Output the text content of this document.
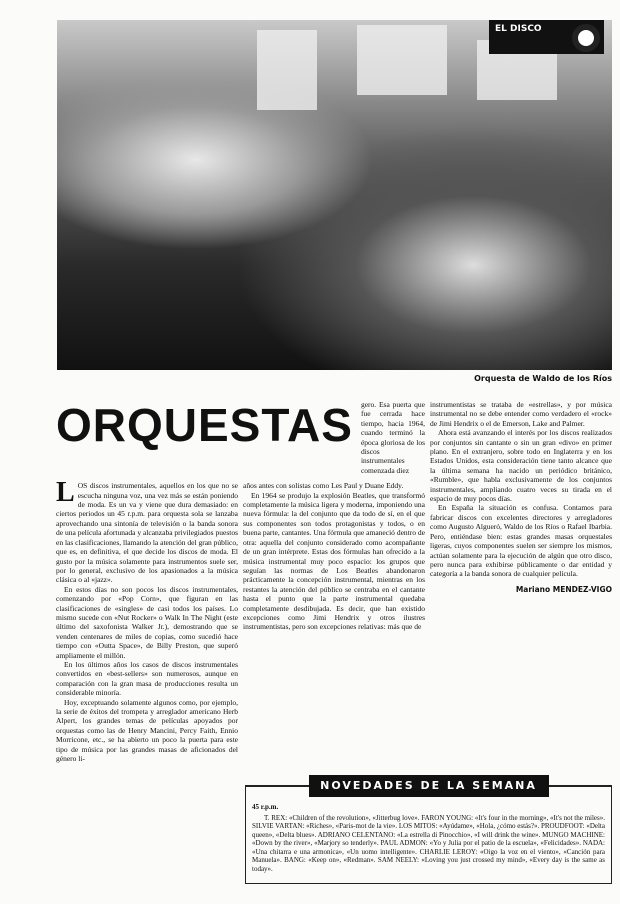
EL DISCO
Orquesta de Waldo de los Ríos
ORQUESTAS gero. Esa puerta que fue cerrada hace tiempo, hacia 1964, cuando terminó la época gloriosa de los discos instrumentales comenzada diez

LOS discos instrumentales, aquellos en los que no se escucha ninguna voz, una vez más se están poniendo de moda. Es un va y viene que dura demasiado: en ciertos periodos un 45 r.p.m. para orquesta sola se lanzaba aprovechando una sintonía de televisión o la banda sonora de una película afortunada y alcanzaba privilegiados puestos en las clasificaciones, llamando la atención del gran público, que es, en definitiva, el que decide los discos de moda. El gusto por la música solamente para instrumentos suele ser, por lo general, exclusivo de los apasionados a la música clásica o al «jazz».

En estos días no son pocos los discos instrumentales, comenzando por «Pop Corn», que figuran en las clasificaciones de «singles» de casi todos los países. Lo mismo sucede con «Nut Rocker» o Walk In The Night (este último del saxofonista Walker Jr.), demostrando que se venden centenares de miles de copias, como sucedió hace tiempo con «Outta Space», de Billy Preston, que superó ampliamente el millón.

En los últimos años los casos de discos instrumentales convertidos en «best-sellers» son numerosos, aunque en comparación con la gran masa de producciones resulta un considerable minoría.

Hoy, exceptuando solamente algunos como, por ejemplo, la serie de éxitos del trompeta y arreglador americano Herb Alpert, los grandes temas de películas apoyados por orquestas como las de Henry Mancini, Percy Faith, Ennio Morricone, etc., se ha abierto un poco la puerta para este tipo de música por las grandes masas de aficionados del género li-

años antes con solistas como Les Paul y Duane Eddy.

En 1964 se produjo la explosión Beatles, que transformó completamente la música ligera y moderna, imponiendo una nueva fórmula: la del conjunto que da todo de sí, en el que sus componentes son todos protagonistas y todos, o en buena parte, cantantes. Una fórmula que amaneció dentro de otra: aquella del conjunto considerado como acompañante de un gran intérprete. Estas dos fórmulas han ofrecido a la música instrumental muy poco espacio: los grupos que seguían las normas de Los Beatles abandonaron prácticamente la concepción instrumental, mientras en los restantes la atención del público se centraba en el cantante hasta el punto que la parte instrumental quedaba completamente desdibujada. Es decir, que han existido excepciones como Jimi Hendrix y otros ilustres instrumentistas, pero son excepciones relativas: más que de

instrumentistas se trataba de «estrellas», y por música instrumental no se debe entender como verdadero el «rock» de Jimi Hendrix o el de Emerson, Lake and Palmer.

Ahora está avanzando el interés por los discos realizados por conjuntos sin cantante o sin un gran «divo» en primer plano. En el extranjero, sobre todo en Inglaterra y en los Estados Unidos, esta consideración tiene tanto alcance que la última semana ha nacido un periódico británico, «Rumble», que habla exclusivamente de los conjuntos instrumentales, ampliando cuatro veces su tirada en el espacio de muy pocos días.

En España la situación es confusa. Contamos para fabricar discos con excelentes directores y arregladores como Augusto Algueró, Waldo de los Ríos o Rafael Ibarbia. Pero, entiéndase bien: estas grandes masas orquestales ligeras, cuyos componentes suelen ser siempre los mismos, actúan solamente para la ejecución de algún que otro disco, pero nunca para exhibirse públicamente o dar entidad y categoría a la banda sonora de cualquier película.

Mariano MENDEZ-VIGO
NOVEDADES DE LA SEMANA

45 r.p.m.

T. REX: «Children of the revolution», «Jitterbug love». FARON YOUNG: «It's four in the morning», «It's not the miles». SILVIE VARTAN: «Riches», «Paris-mot de la vie». LOS MITOS: «Ayúdame», «Hola, ¿cómo estás?». PROUDFOOT: «Delta queen», «Delta blues». ADRIANO CELENTANO: «La estrella di Pinocchio», «I will drink the wine». MUNGO MACHINE: «Down by the river», «Marjory so tenderly». PAUL ADMON: «Yo y Julia por el patio de la escuela», «Felicidades». NADA: «Una chitarra e una armonica», «Un uomo intelligente». CHARLIE LEROY: «Oigo la voz en el viento», «Canción para Manuela». BANG: «Keep on», «Redman». SAM NEELY: «Loving you just crossed my mind», «Every day is the same as today».
